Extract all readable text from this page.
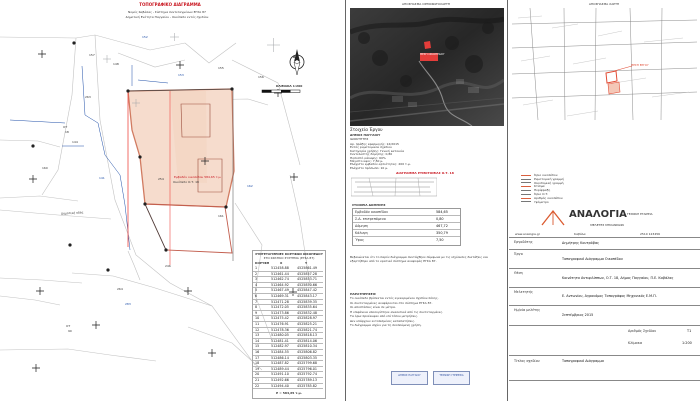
ΤΟΠΟΓΡΑΦΙΚΟ ΔΙΑΓΡΑΜΜΑ
Νομός Καβάλας - Σύστημα συντεταγμένων ΕΓΣΑ 87
Δημοτική Ενότητα Παγγαίου - Οικόπεδο εντός σχεδίου
Β
ΚΛΙΜΑΚΑ 1:200
157
148
263
144
152
153
155
156
141
160
161
162
264
283
246
254
ΟΤ
18
ΟΤ
90
Εμβαδόν οικοπέδου 584,65 τ.μ.
Οικόπεδο Ο.Τ. 18
Δημοτική οδός
ΣΥΝΤΕΤΑΓΜΕΝΕΣ ΚΟΡΥΦΩΝ ΟΙΚΟΠΕΔΟΥ
ΣΤΟ ΚΡΑΤΙΚΟ ΣΥΣΤΗΜΑ (ΕΓΣΑ 87)
ΚΟΡΥΦΗ	Χ	Υ
1	512458.88 4525861.49
2	512461.44 4525857.28
3	512462.74 4525853.71
4	512464.92 4525850.66
5	512467.49 4525847.42
6	512469.31 4525843.17
7	512471.28 4525839.35
8	512472.05 4525835.64
9	512473.86 4525832.48
10	512475.42 4525828.97
11	512476.91 4525825.21
12	512478.36 4525821.74
13	512480.05 4525818.13
14	512481.41 4525814.06
15	512482.97 4525810.34
16	512484.55 4525806.82
17	512486.14 4525803.35
18	512487.82 4525799.68
19	512489.44 4525796.01
20	512491.10 4525792.74
21	512492.66 4525789.13
22	512494.40 4525785.82
Ε = 584,65 τ.μ.
ΑΠΟΣΠΑΣΜΑ ΟΡΘΟΦΩΤΟΧΑΡΤΗ
ΘΕΣΗ ΟΙΚΟΠΕΔΟΥ
Στοιχεία Έργου
ΔΗΜΟΣ ΠΑΓΓΑΙΟΥ
ΙΔΙΟΚΤΗΤΗΣ
Αρ. πράξης εφαρμογής: 12/2015
Εντός ρυμοτομικού σχεδίου
Κατηγορία χρήσης: Γενική κατοικία
Συντελεστής δόμησης: 0,80
Ποσοστό κάλυψης: 60%
Μέγιστο ύψος: 7,50 μ.
Ελάχιστο εμβαδόν αρτιότητας: 200 τ.μ.
Ελάχιστο πρόσωπο: 10 μ.
ΔΙΑΓΡΑΜΜΑ ΡΥΜΟΤΟΜΙΑΣ Ο.Τ. 18
ΣΤΟΙΧΕΙΑ ΔΟΜΗΣΗΣ
Εμβαδόν οικοπέδου	584,65
Σ.Δ. επιτρεπόμενο	0,80
Δόμηση	467,72
Κάλυψη	350,79
Ύψος	7,50
Βεβαιώνεται ότι το παρόν διάγραμμα συντάχθηκε σύμφωνα με τις ισχύουσες διατάξεις και εξαρτήθηκε από το κρατικό σύστημα αναφοράς ΕΓΣΑ 87.
ΠΑΡΑΤΗΡΗΣΕΙΣ
Το οικόπεδο βρίσκεται εντός εγκεκριμένου σχεδίου πόλης.
Οι συντεταγμένες αναφέρονται στο σύστημα ΕΓΣΑ 87.
Οι αποστάσεις είναι σε μέτρα.
Η επιφάνεια υπολογίστηκε αναλυτικά από τις συντεταγμένες.
Τα όρια προέκυψαν από επί τόπου μετρήσεις.
Δεν υπάρχουν εντοπισμένες καταπατήσεις.
Το διάγραμμα ισχύει για τη σκοπούμενη χρήση.
ΔΗΜΟΣ ΠΑΓΓΑΙΟΥ	ΤΕΧΝΙΚΗ ΥΠΗΡΕΣΙΑ
ΑΠΟΣΠΑΣΜΑ ΧΑΡΤΗ
ΘΕΣΗ ΕΡΓΟΥ
Όριο οικοπέδου
Ρυμοτομική γραμμή
Οικοδομική γραμμή
Κτίσμα
Περίφραξη
Όριο Ο.Τ.
Αριθμός οικοπέδου
Υψόμετρο
ΑΝΑΛΟΓΙΑ ΤΕΧΝΙΚΗ ΕΤΑΙΡΕΙΑ
ΜΕΛΕΤΕΣ ΜΗΧΑΝΙΚΩΝ
www.analogia.gr	Καβάλα	2510 123456
Εργοδότης	Δημήτρης Κουτρόβας
Έργο
Τοπογραφικό Διάγραμμα Οικοπέδου
Θέση
Κοινότητα Αντιφιλίππων, Ο.Τ. 18, Δήμος Παγγαίου, Π.Ε. Καβάλας
Μελετητής
Ε. Αντωνίου, Αγρονόμος Τοπογράφος Μηχανικός Ε.Μ.Π.
Ημ/νία μελέτης
Σεπτέμβριος 2015
Αριθμός Σχεδίου	Τ1
Κλίμακα	1:200
Τίτλος σχεδίου	Τοπογραφικό Διάγραμμα
